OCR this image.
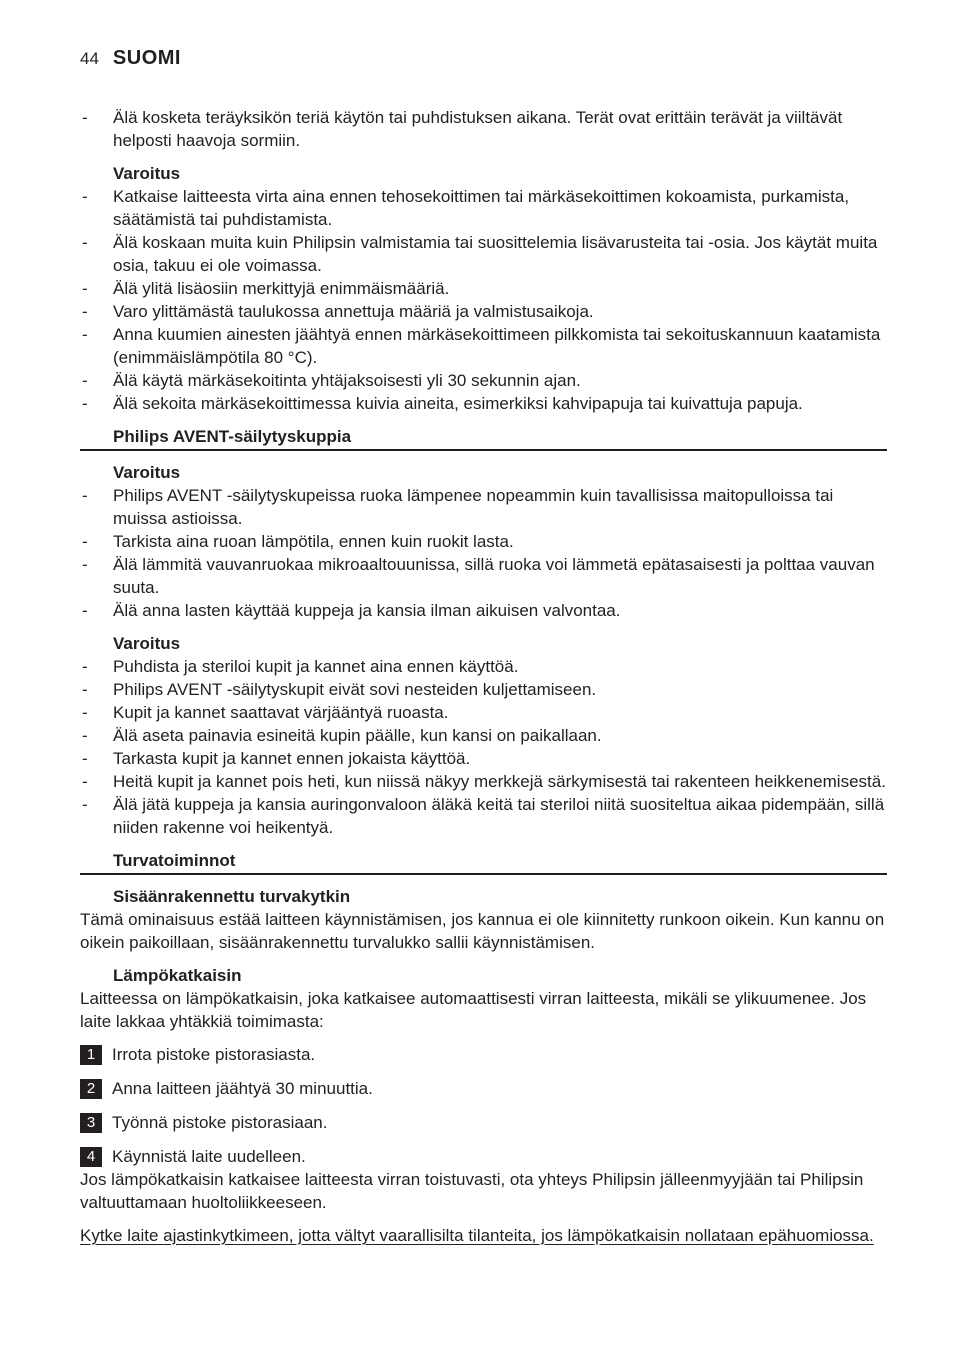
44 SUOMI
- Älä kosketa teräyksikön teriä käytön tai puhdistuksen aikana. Terät ovat erittäin terävät ja viiltävät helposti haavoja sormiin.

Varoitus

- Katkaise laitteesta virta aina ennen tehosekoittimen tai märkäsekoittimen kokoamista, purkamista, säätämistä tai puhdistamista.
- Älä koskaan muita kuin Philipsin valmistamia tai suosittelemia lisävarusteita tai -osia. Jos käytät muita osia, takuu ei ole voimassa.
- Älä ylitä lisäosiin merkittyjä enimmäismääriä.
- Varo ylittämästä taulukossa annettuja määriä ja valmistusaikoja.
- Anna kuumien ainesten jäähtyä ennen märkäsekoittimeen pilkkomista tai sekoituskannuun kaatamista (enimmäislämpötila 80 °C).
- Älä käytä märkäsekoitinta yhtäjaksoisesti yli 30 sekunnin ajan.
- Älä sekoita märkäsekoittimessa kuivia aineita, esimerkiksi kahvipapuja tai kuivattuja papuja.

Philips AVENT-säilytyskuppia

Varoitus

- Philips AVENT -säilytyskupeissa ruoka lämpenee nopeammin kuin tavallisissa maitopulloissa tai muissa astioissa.
- Tarkista aina ruoan lämpötila, ennen kuin ruokit lasta.
- Älä lämmitä vauvanruokaa mikroaaltouunissa, sillä ruoka voi lämmetä epätasaisesti ja polttaa vauvan suuta.
- Älä anna lasten käyttää kuppeja ja kansia ilman aikuisen valvontaa.

Varoitus

- Puhdista ja steriloi kupit ja kannet aina ennen käyttöä.
- Philips AVENT -säilytyskupit eivät sovi nesteiden kuljettamiseen.
- Kupit ja kannet saattavat värjääntyä ruoasta.
- Älä aseta painavia esineitä kupin päälle, kun kansi on paikallaan.
- Tarkasta kupit ja kannet ennen jokaista käyttöä.
- Heitä kupit ja kannet pois heti, kun niissä näkyy merkkejä särkymisestä tai rakenteen heikkenemisestä.
- Älä jätä kuppeja ja kansia auringonvaloon äläkä keitä tai steriloi niitä suositeltua aikaa pidempään, sillä niiden rakenne voi heikentyä.

Turvatoiminnot

Sisäänrakennettu turvakytkin

Tämä ominaisuus estää laitteen käynnistämisen, jos kannua ei ole kiinnitetty runkoon oikein. Kun kannu on oikein paikoillaan, sisäänrakennettu turvalukko sallii käynnistämisen.

Lämpökatkaisin

Laitteessa on lämpökatkaisin, joka katkaisee automaattisesti virran laitteesta, mikäli se ylikuumenee. Jos laite lakkaa yhtäkkiä toimimasta:

1 Irrota pistoke pistorasiasta.
2 Anna laitteen jäähtyä 30 minuuttia.
3 Työnnä pistoke pistorasiaan.
4 Käynnistä laite uudelleen.

Jos lämpökatkaisin katkaisee laitteesta virran toistuvasti, ota yhteys Philipsin jälleenmyyjään tai Philipsin valtuuttamaan huoltoliikkeeseen.

Kytke laite ajastinkytkimeen, jotta vältyt vaarallisilta tilanteita, jos lämpökatkaisin nollataan epähuomiossa.
